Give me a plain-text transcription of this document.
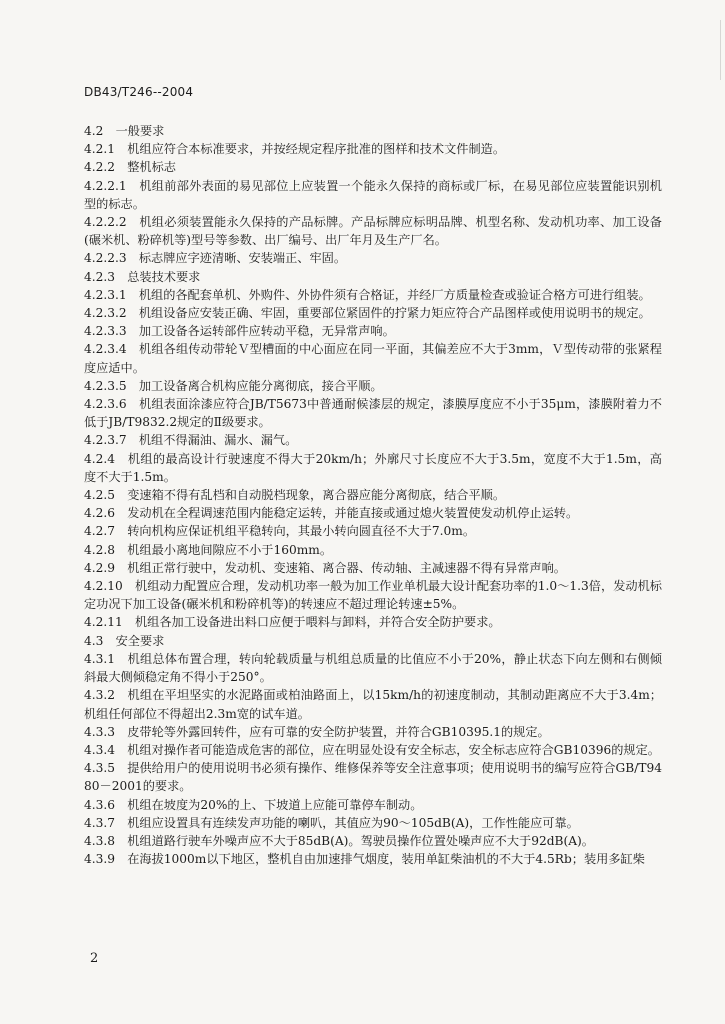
DB43/T246--2004

4.2　一般要求

4.2.1　机组应符合本标准要求，并按经规定程序批准的图样和技术文件制造。

4.2.2　整机标志

4.2.2.1　机组前部外表面的易见部位上应装置一个能永久保持的商标或厂标，在易见部位应装置能识别机型的标志。

4.2.2.2　机组必须装置能永久保持的产品标牌。产品标牌应标明品牌、机型名称、发动机功率、加工设备(碾米机、粉碎机等)型号等参数、出厂编号、出厂年月及生产厂名。

4.2.2.3　标志牌应字迹清晰、安装端正、牢固。

4.2.3　总装技术要求

4.2.3.1　机组的各配套单机、外购件、外协件须有合格证，并经厂方质量检查或验证合格方可进行组装。

4.2.3.2　机组设备应安装正确、牢固，重要部位紧固件的拧紧力矩应符合产品图样或使用说明书的规定。

4.2.3.3　加工设备各运转部件应转动平稳，无异常声响。

4.2.3.4　机组各组传动带轮Ｖ型槽面的中心面应在同一平面，其偏差应不大于3mm，Ｖ型传动带的张紧程度应适中。

4.2.3.5　加工设备离合机构应能分离彻底，接合平顺。

4.2.3.6　机组表面涂漆应符合JB/T5673中普通耐候漆层的规定，漆膜厚度应不小于35μm，漆膜附着力不低于JB/T9832.2规定的Ⅱ级要求。

4.2.3.7　机组不得漏油、漏水、漏气。

4.2.4　机组的最高设计行驶速度不得大于20km/h；外廓尺寸长度应不大于3.5m，宽度不大于1.5m，高度不大于1.5m。

4.2.5　变速箱不得有乱档和自动脱档现象，离合器应能分离彻底，结合平顺。

4.2.6　发动机在全程调速范围内能稳定运转，并能直接或通过熄火装置使发动机停止运转。

4.2.7　转向机构应保证机组平稳转向，其最小转向圆直径不大于7.0m。

4.2.8　机组最小离地间隙应不小于160mm。

4.2.9　机组正常行驶中，发动机、变速箱、离合器、传动轴、主减速器不得有异常声响。

4.2.10　机组动力配置应合理，发动机功率一般为加工作业单机最大设计配套功率的1.0～1.3倍，发动机标定功况下加工设备(碾米机和粉碎机等)的转速应不超过理论转速±5%。

4.2.11　机组各加工设备进出料口应便于喂料与卸料，并符合安全防护要求。

4.3　安全要求

4.3.1　机组总体布置合理，转向轮载质量与机组总质量的比值应不小于20%，静止状态下向左侧和右侧倾斜最大侧倾稳定角不得小于250°。

4.3.2　机组在平坦坚实的水泥路面或柏油路面上，以15km/h的初速度制动，其制动距离应不大于3.4m；机组任何部位不得超出2.3m宽的试车道。

4.3.3　皮带轮等外露回转件，应有可靠的安全防护装置，并符合GB10395.1的规定。

4.3.4　机组对操作者可能造成危害的部位，应在明显处设有安全标志，安全标志应符合GB10396的规定。

4.3.5　提供给用户的使用说明书必须有操作、维修保养等安全注意事项；使用说明书的编写应符合GB/T9480－2001的要求。

4.3.6　机组在坡度为20%的上、下坡道上应能可靠停车制动。

4.3.7　机组应设置具有连续发声功能的喇叭，其值应为90～105dB(A)，工作性能应可靠。

4.3.8　机组道路行驶车外噪声应不大于85dB(A)。驾驶员操作位置处噪声应不大于92dB(A)。

4.3.9　在海拔1000m以下地区，整机自由加速排气烟度，装用单缸柴油机的不大于4.5Rb；装用多缸柴

2
